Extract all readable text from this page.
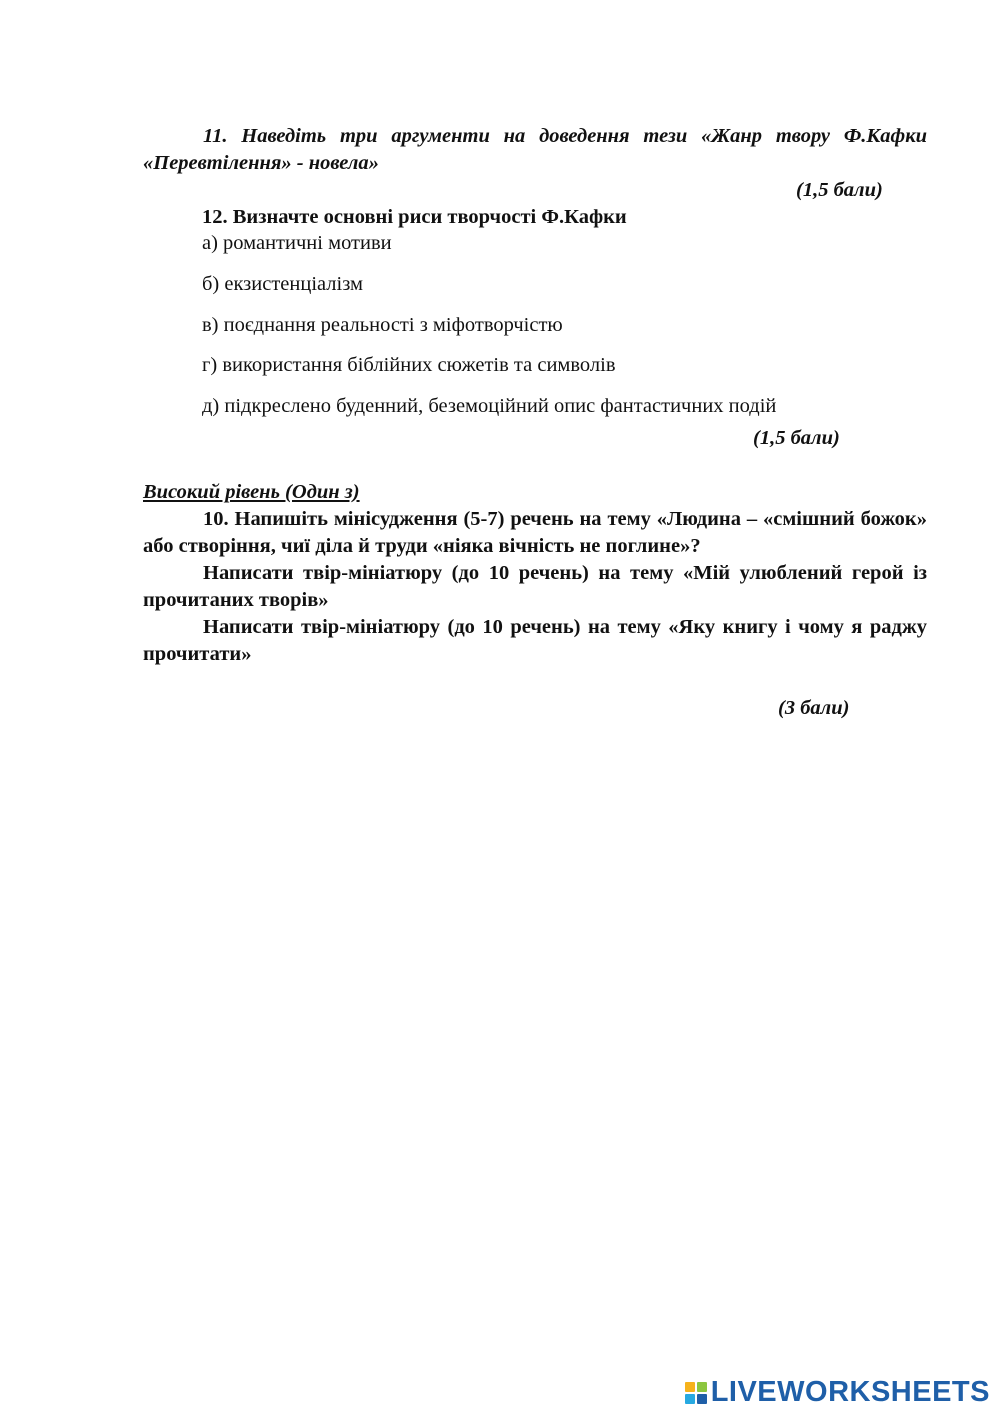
11. Наведіть три аргументи на доведення тези «Жанр твору Ф.Кафки «Перевтілення» - новела»
(1,5 бали)
12. Визначте основні риси творчості Ф.Кафки
а) романтичні мотиви
б) екзистенціалізм
в) поєднання реальності з міфотворчістю
г) використання біблійних сюжетів та символів
д) підкреслено буденний, беземоційний опис фантастичних подій
(1,5 бали)
Високий рівень (Один з)

10. Напишіть мінісудження (5-7) речень на тему «Людина – «смішний божок» або створіння, чиї діла й труди «ніяка вічність не поглине»?

Написати твір-мініатюру (до 10 речень) на тему «Мій улюблений герой із прочитаних творів»

Написати твір-мініатюру (до 10 речень) на тему «Яку книгу і чому я раджу прочитати»

(3 бали)
LIVEWORKSHEETS
